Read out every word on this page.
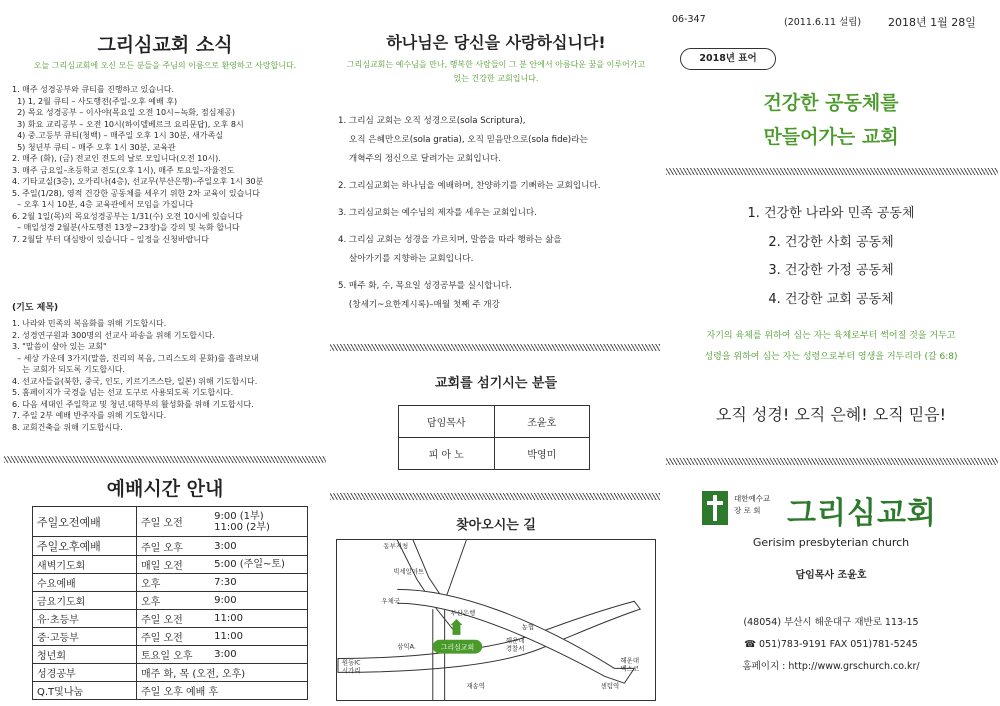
그리심교회 소식
오늘 그리심교회에 오신 모든 분들을 주님의 이름으로 환영하고 사랑합니다.
1. 매주 성경공부와 큐티를 진행하고 있습니다.
1) 1, 2월 큐티 – 사도행전(주일-오후 예배 후)
2) 목요 성경공부 – 이사야(목요일 오전 10시~녹화, 점심제공)
3) 화요 교리공부 – 오전 10시(하이델베르크 요리문답), 오후 8시
4) 중.고등부 큐티(청백) – 매주일 오후 1시 30분, 새가족실
5) 청년부 큐티 – 매주 오후 1시 30분, 교육관
2. 매주 (화), (금) 전교인 전도의 날로 모입니다(오전 10시).
3. 매주 금요일–초등학교 전도(오후 1시), 매주 토요일–자율전도
4. 기타교실(3층), 오카리나(4층), 선교무(부산은행)–주일오후 1시 30분
5. 주일(1/28), 영적 건강한 공동체를 세우기 위한 2차 교육이 있습니다
– 오후 1시 10분, 4층 교육관에서 모임을 가집니다
6. 2월 1일(목)의 목요성경공부는 1/31(수) 오전 10시에 있습니다
– 매일성경 2월분(사도행전 13장~23장)을 강의 및 녹화 합니다
7. 2월달 부터 대심방이 있습니다 – 일정을 신청바랍니다
(기도 제목)
1. 나라와 민족의 복음화를 위해 기도합시다.
2. 성경연구원과 300명의 선교사 파송을 위해 기도합시다.
3. "말씀이 살아 있는 교회"
– 세상 가운데 3가지(말씀, 진리의 복음, 그리스도의 문화)를 흘려보내
는 교회가 되도록 기도합시다.
4. 선교사들을(북한, 중국, 인도, 키르기즈스탄, 일본) 위해 기도합시다.
5. 홈페이지가 국경을 넘는 선교 도구로 사용되도록 기도합시다.
6. 다음 세대인 주일학교 및 청년.대학부의 활성화를 위해 기도합시다.
7. 주일 2부 예배 반주자를 위해 기도합시다.
8. 교회건축을 위해 기도합시다.
예배시간 안내
주일오전예배	주일 오전	9:00 (1부)
11:00 (2부)
주일오후예배	주일 오후	3:00
새벽기도회	매일 오전	5:00 (주일~토)
수요예배	오후	7:30
금요기도회	오후	9:00
유·초등부	주일 오전	11:00
중·고등부	주일 오전	11:00
청년회	토요일 오후	3:00
성경공부	매주 화, 목 (오전, 오후)	
Q.T및나눔	주일 오후 예배 후	
하나님은 당신을 사랑하십니다!
그리심교회는 예수님을 만나, 행복한 사람들이 그 분 안에서 아름다운 꿈을 이루어가고 있는 건강한 교회입니다.
1. 그리심 교회는 오직 성경으로(sola Scriptura),
오직 은혜만으로(sola gratia), 오직 믿음만으로(sola fide)라는
개혁주의 정신으로 달려가는 교회입니다.
2. 그리심교회는 하나님을 예배하며, 찬양하기를 기뻐하는 교회입니다.
3. 그리심교회는 예수님의 제자를 세우는 교회입니다.
4. 그리심 교회는 성경을 가르치며, 말씀을 따라 행하는 삶을
살아가기를 지향하는 교회입니다.
5. 매주 화, 수, 목요일 성경공부를 실시합니다.
(창세기~요한계시록)–매월 첫째 주 개강
교회를 섬기시는 분들
담임목사	조윤호
피 아 노	박영미
찾아오시는 길
동부지청
빅세일마트
우체국
부산은행
농협
해운대
경찰서
삼익A.
원동IC
시가리
해운대
벡스코
재송역	센텀역
그리심교회
06-347	(2011.6.11 설립) 2018년 1월 28일
2018년 표어
건강한 공동체를
만들어가는 교회
1. 건강한 나라와 민족 공동체
2. 건강한 사회 공동체
3. 건강한 가정 공동체
4. 건강한 교회 공동체
자기의 육체를 위하여 심는 자는 육체로부터 썩어질 것을 거두고
성령을 위하여 심는 자는 성령으로부터 영생을 거두리라 (갈 6:8)
오직 성경! 오직 은혜! 오직 믿음!
대한예수교
장 로 회 그리심교회
Gerisim presbyterian church
담임목사 조윤호
(48054) 부산시 해운대구 재반로 113-15
☎ 051)783-9191 FAX 051)781-5245
홈페이지 : http://www.grschurch.co.kr/
